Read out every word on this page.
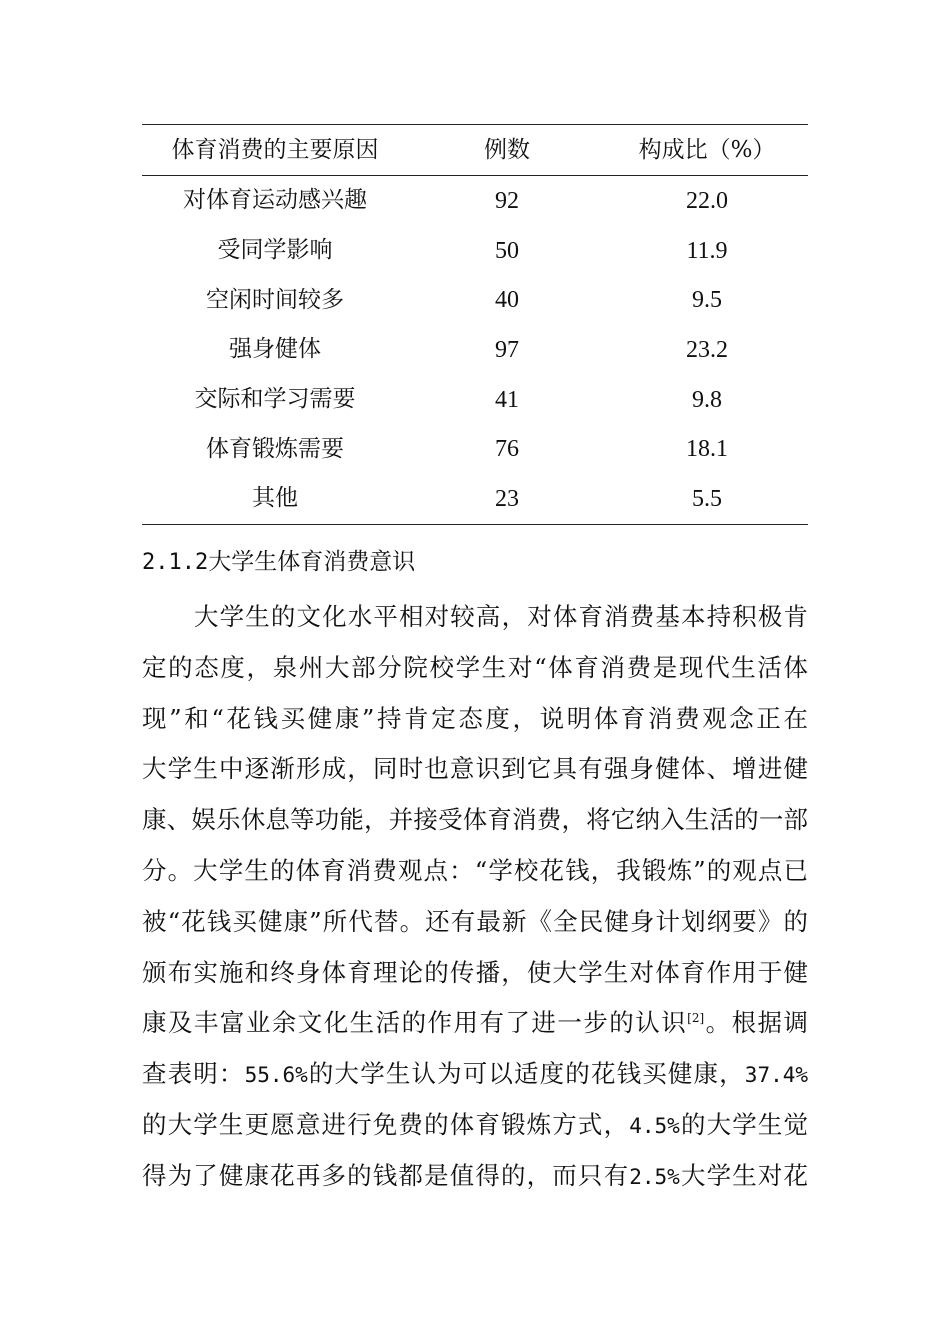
体育消费的主要原因	例数	构成比（%）
对体育运动感兴趣	92	22.0
受同学影响	50	11.9
空闲时间较多	40	9.5
强身健体	97	23.2
交际和学习需要	41	9.8
体育锻炼需要	76	18.1
其他	23	5.5
2.1.2大学生体育消费意识
大学生的文化水平相对较高，对体育消费基本持积极肯
定的态度，泉州大部分院校学生对“体育消费是现代生活体
现”和“花钱买健康”持肯定态度，说明体育消费观念正在
大学生中逐渐形成，同时也意识到它具有强身健体、增进健
康、娱乐休息等功能，并接受体育消费，将它纳入生活的一部
分。大学生的体育消费观点：“学校花钱，我锻炼”的观点已
被“花钱买健康”所代替。还有最新《全民健身计划纲要》的
颁布实施和终身体育理论的传播，使大学生对体育作用于健
康及丰富业余文化生活的作用有了进一步的认识[2]。根据调
查表明：55.6%的大学生认为可以适度的花钱买健康，37.4%
的大学生更愿意进行免费的体育锻炼方式，4.5%的大学生觉
得为了健康花再多的钱都是值得的，而只有2.5%大学生对花
